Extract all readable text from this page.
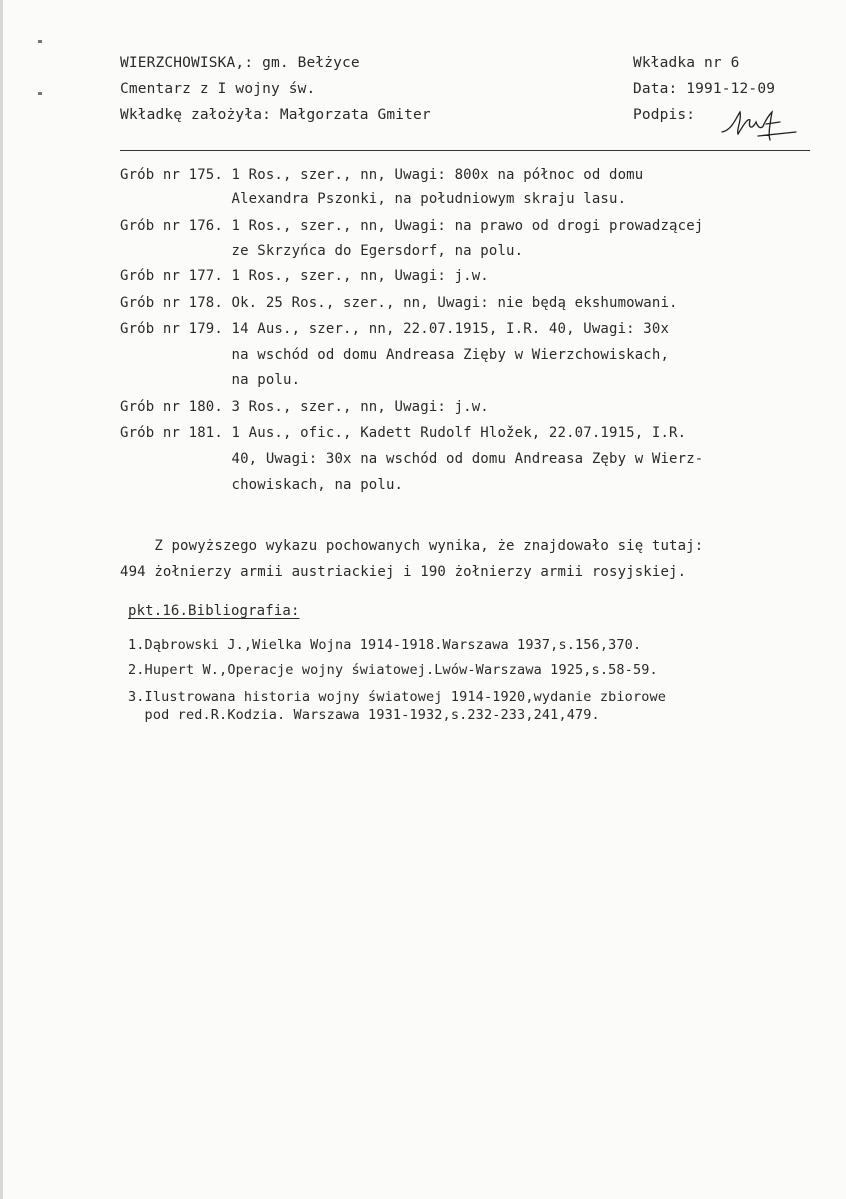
WIERZCHOWISKA,: gm. Bełżyce
Cmentarz z I wojny św.
Wkładkę założyła: Małgorzata Gmiter
Wkładka nr 6
Data: 1991-12-09
Podpis:
Grób nr 175. 1 Ros., szer., nn, Uwagi: 800x na północ od domu
Alexandra Pszonki, na południowym skraju lasu.
Grób nr 176. 1 Ros., szer., nn, Uwagi: na prawo od drogi prowadzącej
ze Skrzyńca do Egersdorf, na polu.
Grób nr 177. 1 Ros., szer., nn, Uwagi: j.w.
Grób nr 178. Ok. 25 Ros., szer., nn, Uwagi: nie będą ekshumowani.
Grób nr 179. 14 Aus., szer., nn, 22.07.1915, I.R. 40, Uwagi: 30x
na wschód od domu Andreasa Zięby w Wierzchowiskach,
na polu.
Grób nr 180. 3 Ros., szer., nn, Uwagi: j.w.
Grób nr 181. 1 Aus., ofic., Kadett Rudolf Hložek, 22.07.1915, I.R.
40, Uwagi: 30x na wschód od domu Andreasa Zęby w Wierz-
chowiskach, na polu.
Z powyższego wykazu pochowanych wynika, że znajdowało się tutaj:
494 żołnierzy armii austriackiej i 190 żołnierzy armii rosyjskiej.
pkt.16.Bibliografia:
1.Dąbrowski J.,Wielka Wojna 1914-1918.Warszawa 1937,s.156,370.
2.Hupert W.,Operacje wojny światowej.Lwów-Warszawa 1925,s.58-59.
3.Ilustrowana historia wojny światowej 1914-1920,wydanie zbiorowe
pod red.R.Kodzia. Warszawa 1931-1932,s.232-233,241,479.
